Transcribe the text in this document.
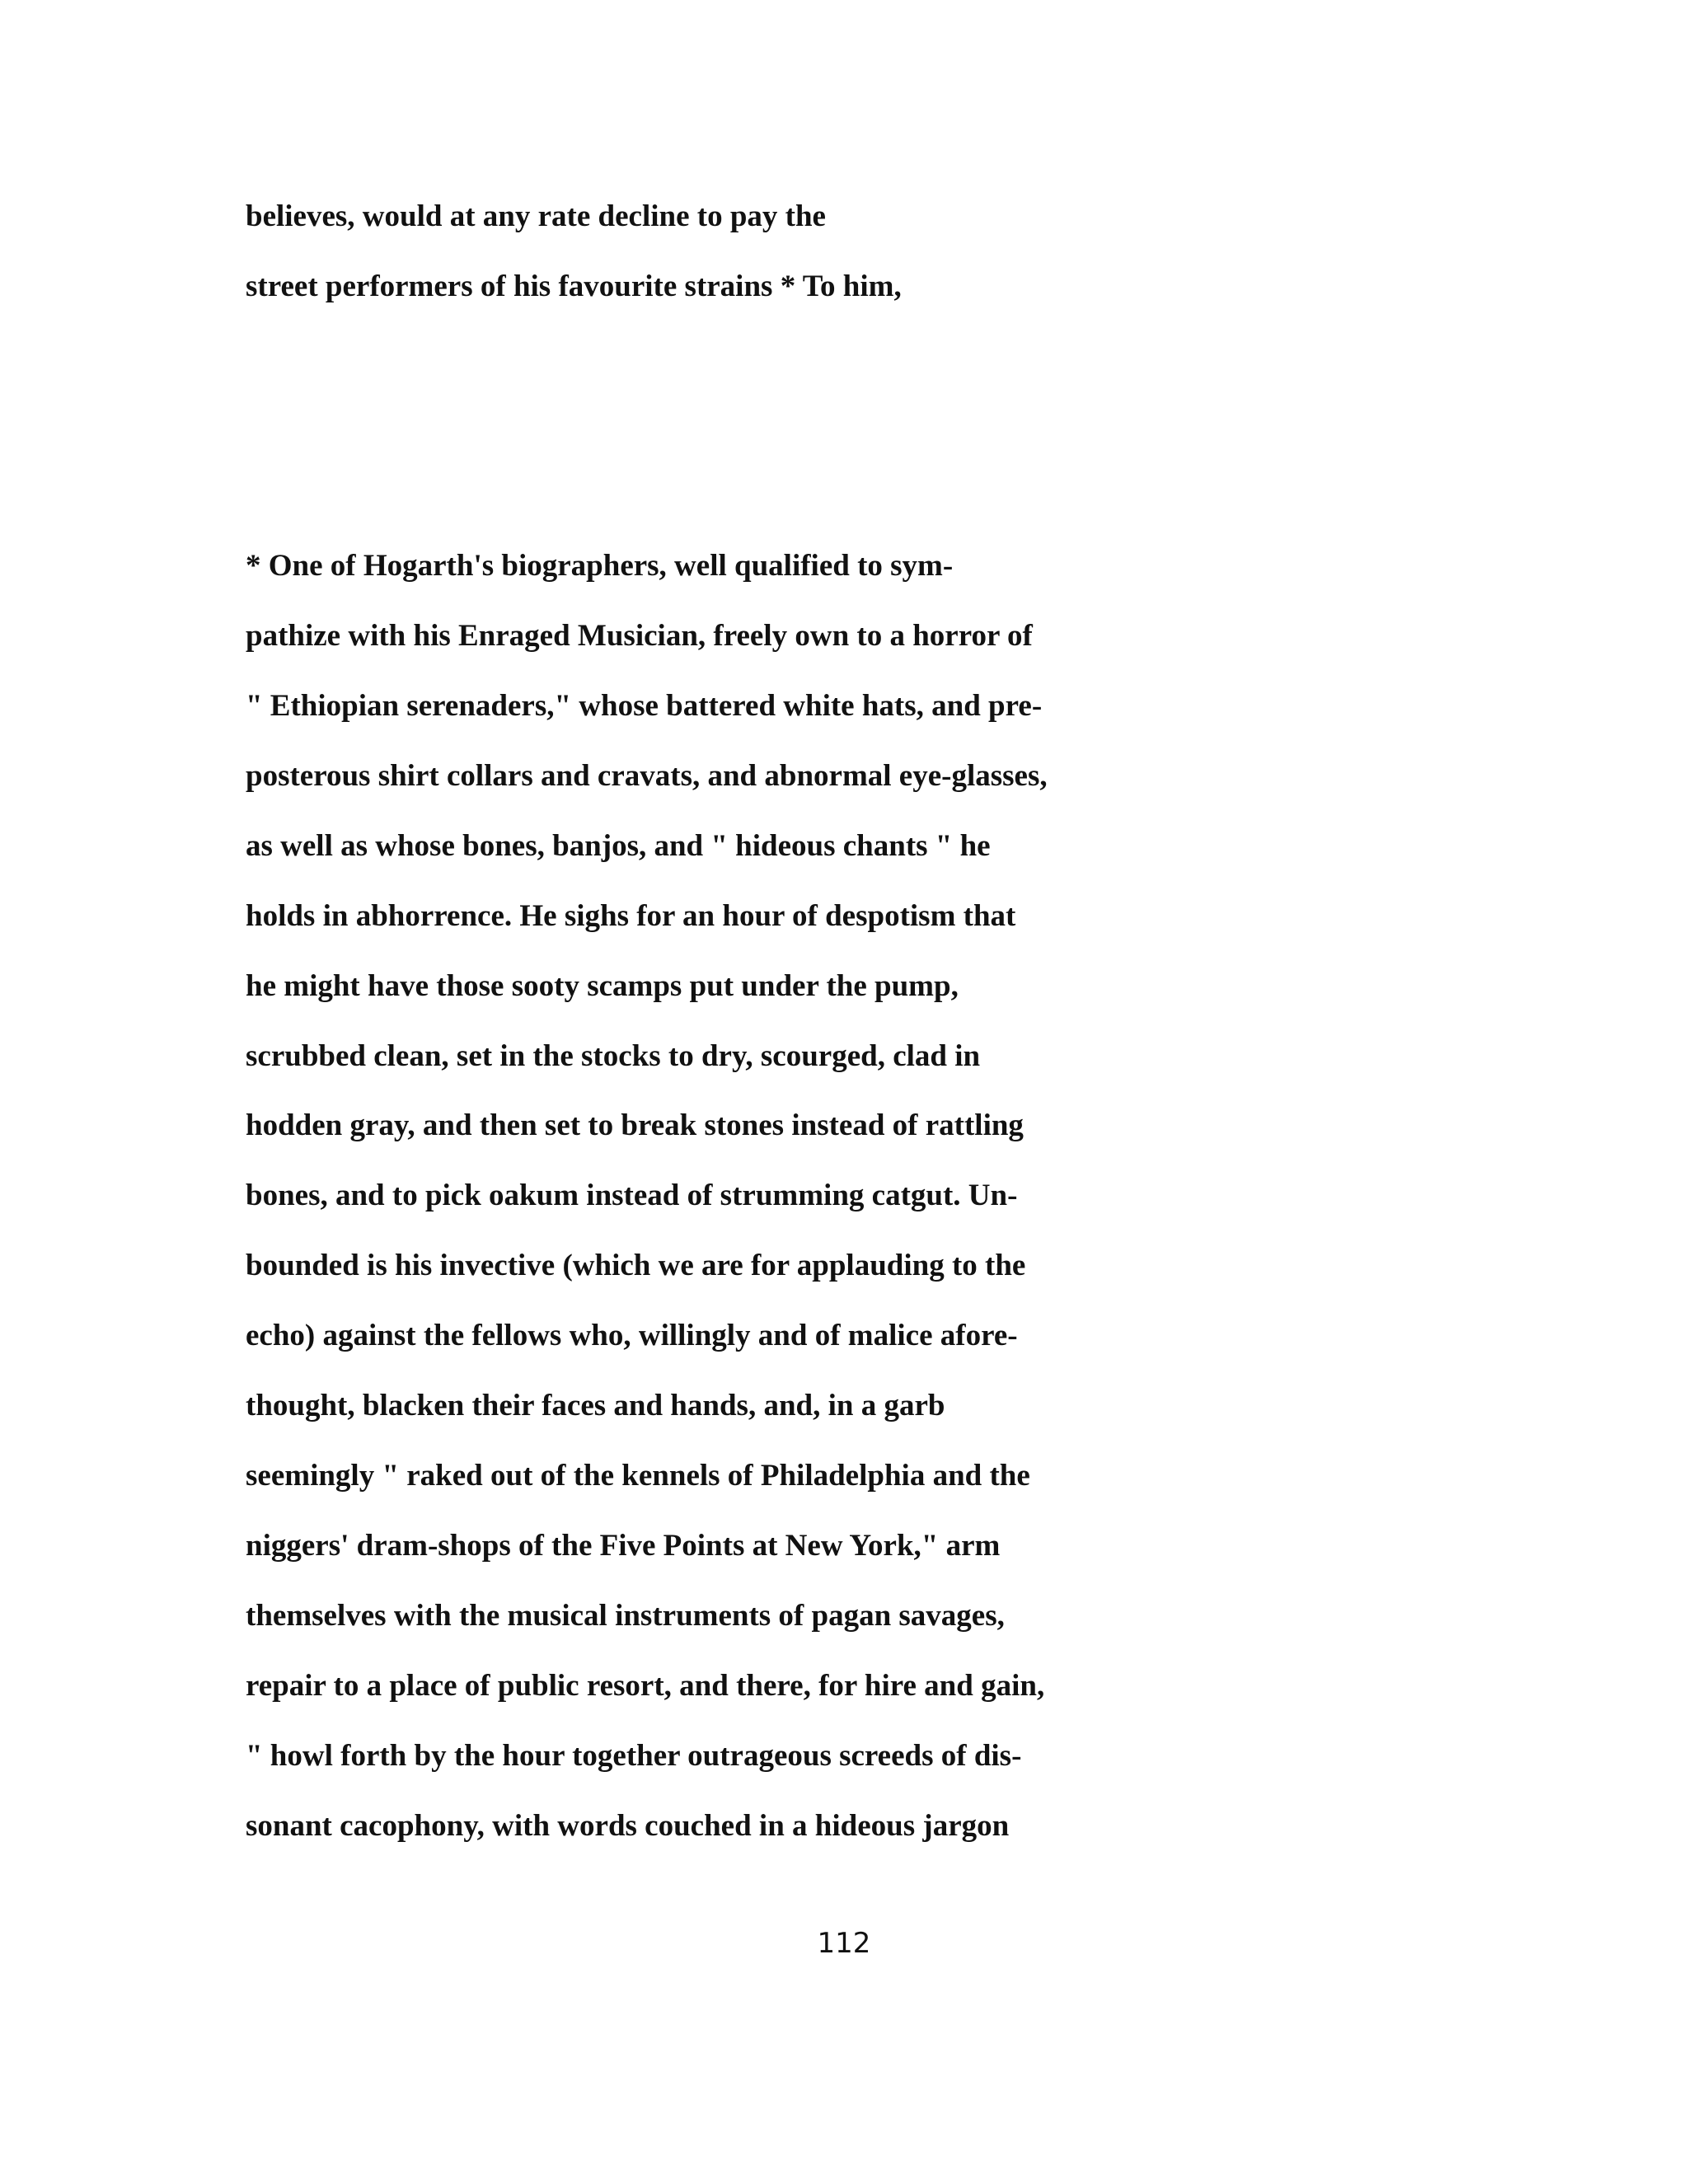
believes, would at any rate decline to pay the
street performers of his favourite strains * To him,
* One of Hogarth's biographers, well qualified to sym-
pathize with his Enraged Musician, freely own to a horror of
" Ethiopian serenaders," whose battered white hats, and pre-
posterous shirt collars and cravats, and abnormal eye-glasses,
as well as whose bones, banjos, and " hideous chants " he
holds in abhorrence. He sighs for an hour of despotism that
he might have those sooty scamps put under the pump,
scrubbed clean, set in the stocks to dry, scourged, clad in
hodden gray, and then set to break stones instead of rattling
bones, and to pick oakum instead of strumming catgut. Un-
bounded is his invective (which we are for applauding to the
echo) against the fellows who, willingly and of malice afore-
thought, blacken their faces and hands, and, in a garb
seemingly " raked out of the kennels of Philadelphia and the
niggers' dram-shops of the Five Points at New York," arm
themselves with the musical instruments of pagan savages,
repair to a place of public resort, and there, for hire and gain,
" howl forth by the hour together outrageous screeds of dis-
sonant cacophony, with words couched in a hideous jargon
112
